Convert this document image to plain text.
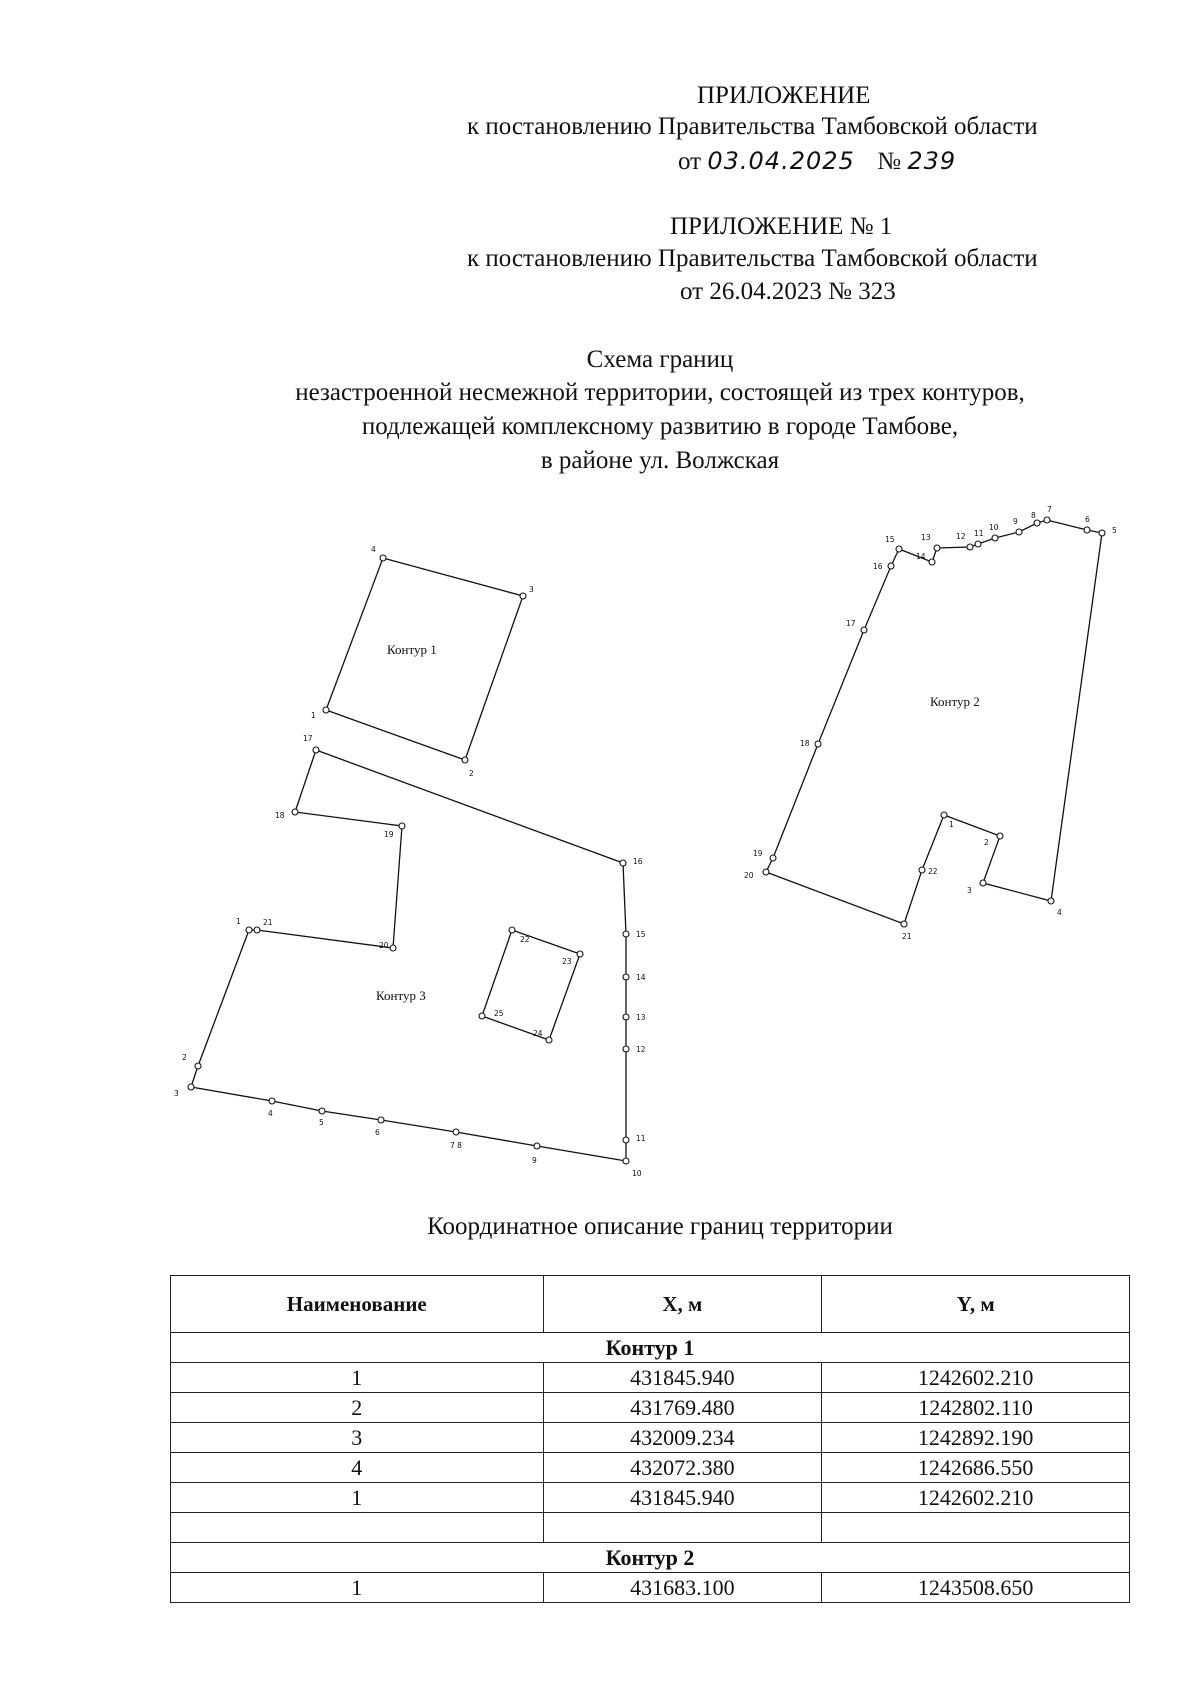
ПРИЛОЖЕНИЕ
к постановлению Правительства Тамбовской области
от 03.04.2025 № 239
ПРИЛОЖЕНИЕ № 1
к постановлению Правительства Тамбовской области
от 26.04.2023 № 323
Схема границ
незастроенной несмежной территории, состоящей из трех контуров,
подлежащей комплексному развитию в городе Тамбове,
в районе ул. Волжская
1
2
3
4
1
2
3
4
5
6
7
8
9
10
11
12
13
14
15
16
17
18
19
20
21
22
1
2
3
4
5
6
7 8
9
10
11
12
13
14
15
16
17
18
19
20
21
22
23
24
25
Контур 1
Контур 2
Контур 3
Координатное описание границ территории
Наименование	X, м	Y, м
Контур 1		
1	431845.940	1242602.210
2	431769.480	1242802.110
3	432009.234	1242892.190
4	432072.380	1242686.550
1	431845.940	1242602.210

Контур 2		
1	431683.100	1243508.650
